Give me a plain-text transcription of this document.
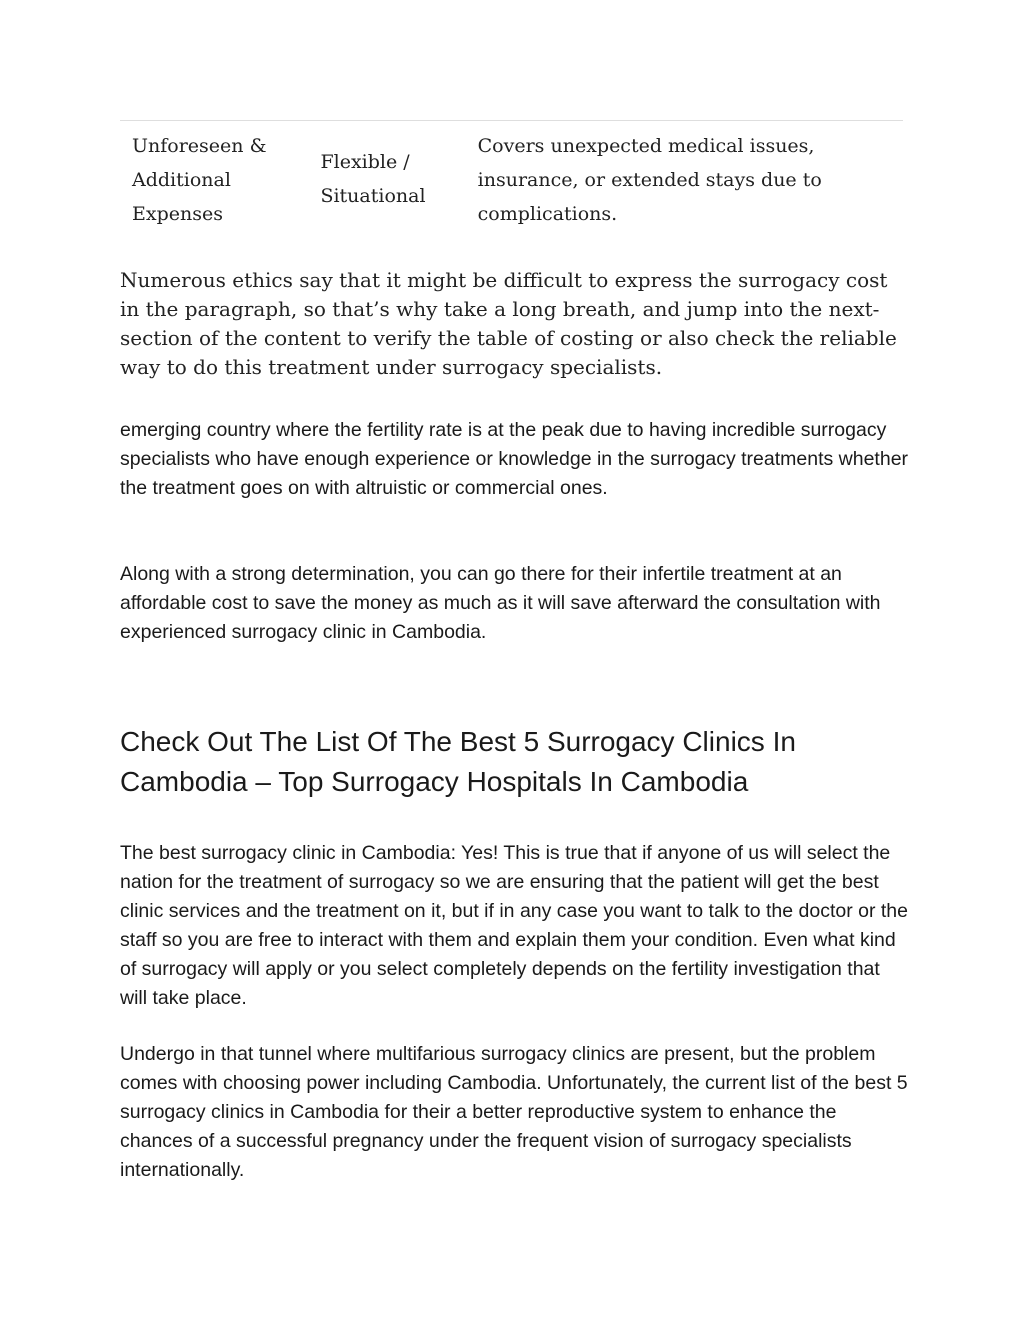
Unforeseen & Additional Expenses	Flexible / Situational	Covers unexpected medical issues, insurance, or extended stays due to complications.

Numerous ethics say that it might be difficult to express the surrogacy cost in the paragraph, so that’s why take a long breath, and jump into the next-section of the content to verify the table of costing or also check the reliable way to do this treatment under surrogacy specialists.

emerging country where the fertility rate is at the peak due to having incredible surrogacy specialists who have enough experience or knowledge in the surrogacy treatments whether the treatment goes on with altruistic or commercial ones.

Along with a strong determination, you can go there for their infertile treatment at an affordable cost to save the money as much as it will save afterward the consultation with experienced surrogacy clinic in Cambodia.

Check Out The List Of The Best 5 Surrogacy Clinics In Cambodia – Top Surrogacy Hospitals In Cambodia

The best surrogacy clinic in Cambodia: Yes! This is true that if anyone of us will select the nation for the treatment of surrogacy so we are ensuring that the patient will get the best clinic services and the treatment on it, but if in any case you want to talk to the doctor or the staff so you are free to interact with them and explain them your condition. Even what kind of surrogacy will apply or you select completely depends on the fertility investigation that will take place.

Undergo in that tunnel where multifarious surrogacy clinics are present, but the problem comes with choosing power including Cambodia. Unfortunately, the current list of the best 5 surrogacy clinics in Cambodia for their a better reproductive system to enhance the chances of a successful pregnancy under the frequent vision of surrogacy specialists internationally.
